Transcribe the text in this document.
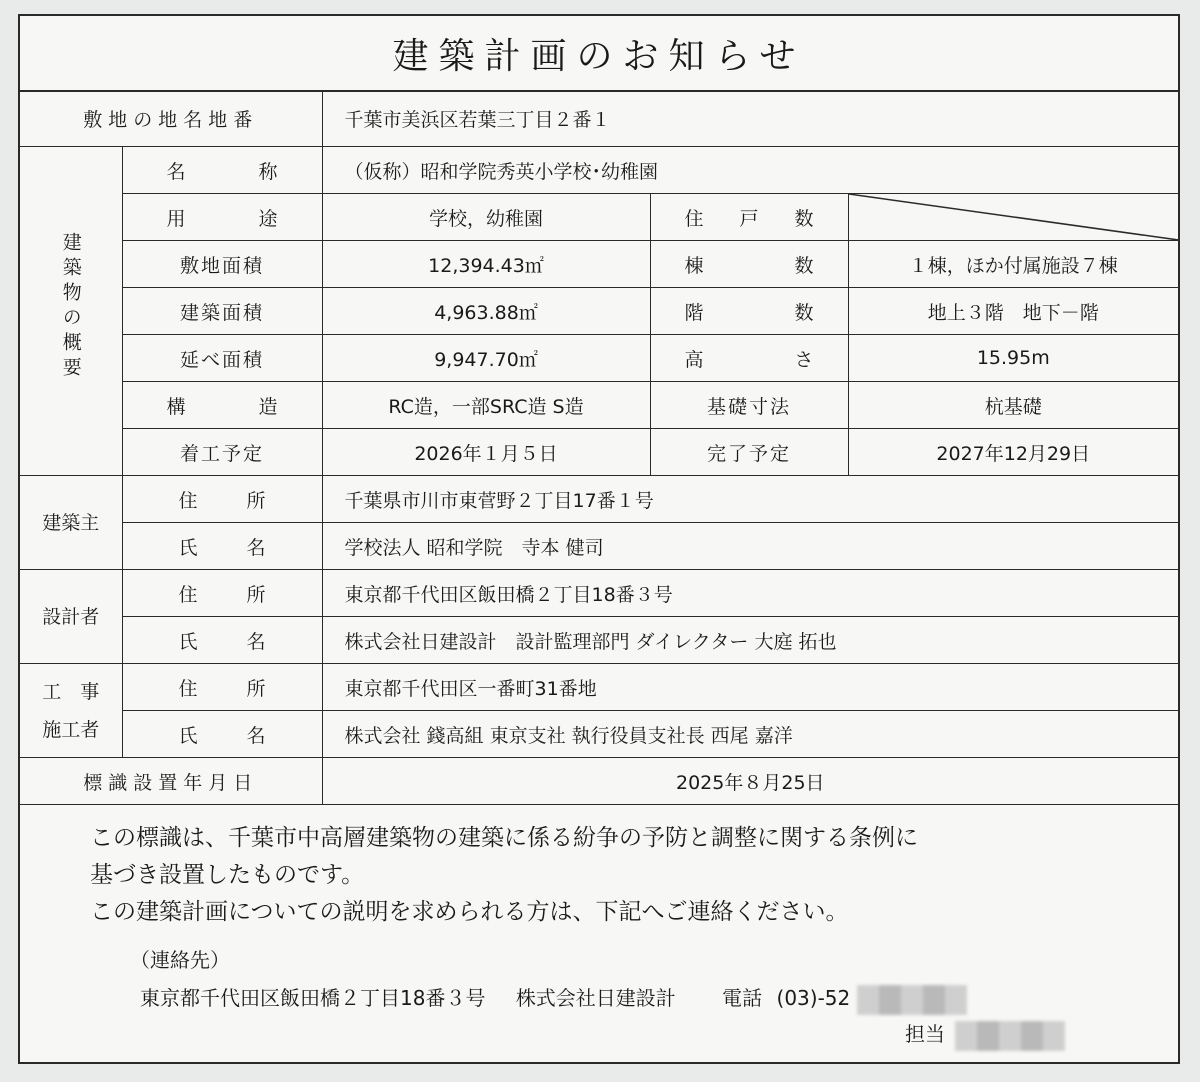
建築計画のお知らせ
敷地の地名地番		千葉市美浜区若葉三丁目２番１		
建築物の概要	名称	（仮称）昭和学院秀英小学校･幼稚園		
	用途	学校，幼稚園	住戸数	

	敷地面積	12,394.43㎡	棟数	１棟，ほか付属施設７棟
	建築面積	4,963.88㎡	階数	地上３階　地下－階
	延べ面積	9,947.70㎡	高さ	15.95m
	構造	RC造，一部SRC造 S造	基礎寸法	杭基礎
	着工予定	2026年１月５日	完了予定	2027年12月29日
建築主	住所	千葉県市川市東菅野２丁目17番１号		
	氏名	学校法人 昭和学院　寺本 健司		
設計者	住所	東京都千代田区飯田橋２丁目18番３号		
	氏名	株式会社日建設計　設計監理部門 ダイレクター 大庭 拓也		

工　事
施工者	住所	東京都千代田区一番町31番地		
	氏名	株式会社 錢高組 東京支社 執行役員支社長 西尾 嘉洋		
標識設置年月日		2025年８月25日		

この標識は、千葉市中高層建築物の建築に係る紛争の予防と調整に関する条例に

基づき設置したものです。

この建築計画についての説明を求められる方は、下記へご連絡ください。

（連絡先）
東京都千代田区飯田橋２丁目18番３号 株式会社日建設計 電話 (03)-52
担当
